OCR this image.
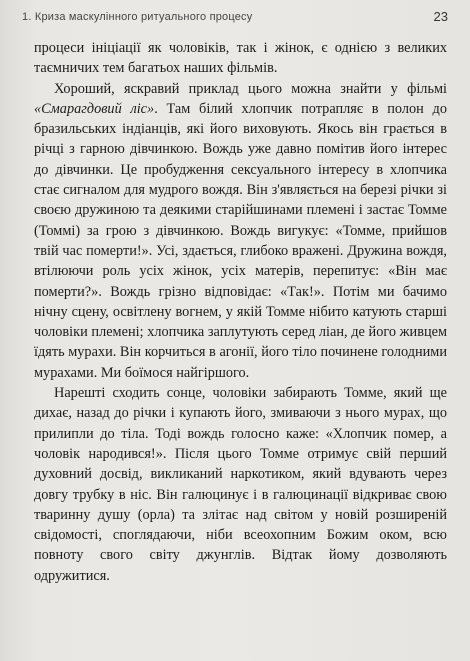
1. Криза маскулінного ритуального процесу	23

процеси ініціації як чоловіків, так і жінок, є однією з великих таємничих тем багатьох наших фільмів.

Хороший, яскравий приклад цього можна знайти у фільмі «Смарагдовий ліс». Там білий хлопчик потрапляє в полон до бразильських індіанців, які його виховують. Якось він грається в річці з гарною дівчинкою. Вождь уже давно помітив його інтерес до дівчинки. Це пробудження сексуального інтересу в хлопчика стає сигналом для мудрого вождя. Він з'являється на березі річки зі своєю дружиною та деякими старійшинами племені і застає Томме (Томмі) за грою з дівчинкою. Вождь вигукує: «Томме, прийшов твій час померти!». Усі, здається, глибоко вражені. Дружина вождя, втілюючи роль усіх жінок, усіх матерів, перепитує: «Він має померти?». Вождь грізно відповідає: «Так!». Потім ми бачимо нічну сцену, освітлену вогнем, у якій Томме нібито катують старші чоловіки племені; хлопчика заплутують серед ліан, де його живцем їдять мурахи. Він корчиться в агонії, його тіло починене голодними мурахами. Ми боїмося найгіршого.

Нарешті сходить сонце, чоловіки забирають Томме, який ще дихає, назад до річки і купають його, змиваючи з нього мурах, що прилипли до тіла. Тоді вождь голосно каже: «Хлопчик помер, а чоловік народився!». Після цього Томме отримує свій перший духовний досвід, викликаний наркотиком, який вдувають через довгу трубку в ніс. Він галюцинує і в галюцинації відкриває свою тваринну душу (орла) та злітає над світом у новій розширеній свідомості, споглядаючи, ніби всеохопним Божим оком, всю повноту свого світу джунглів. Відтак йому дозволяють одружитися.
